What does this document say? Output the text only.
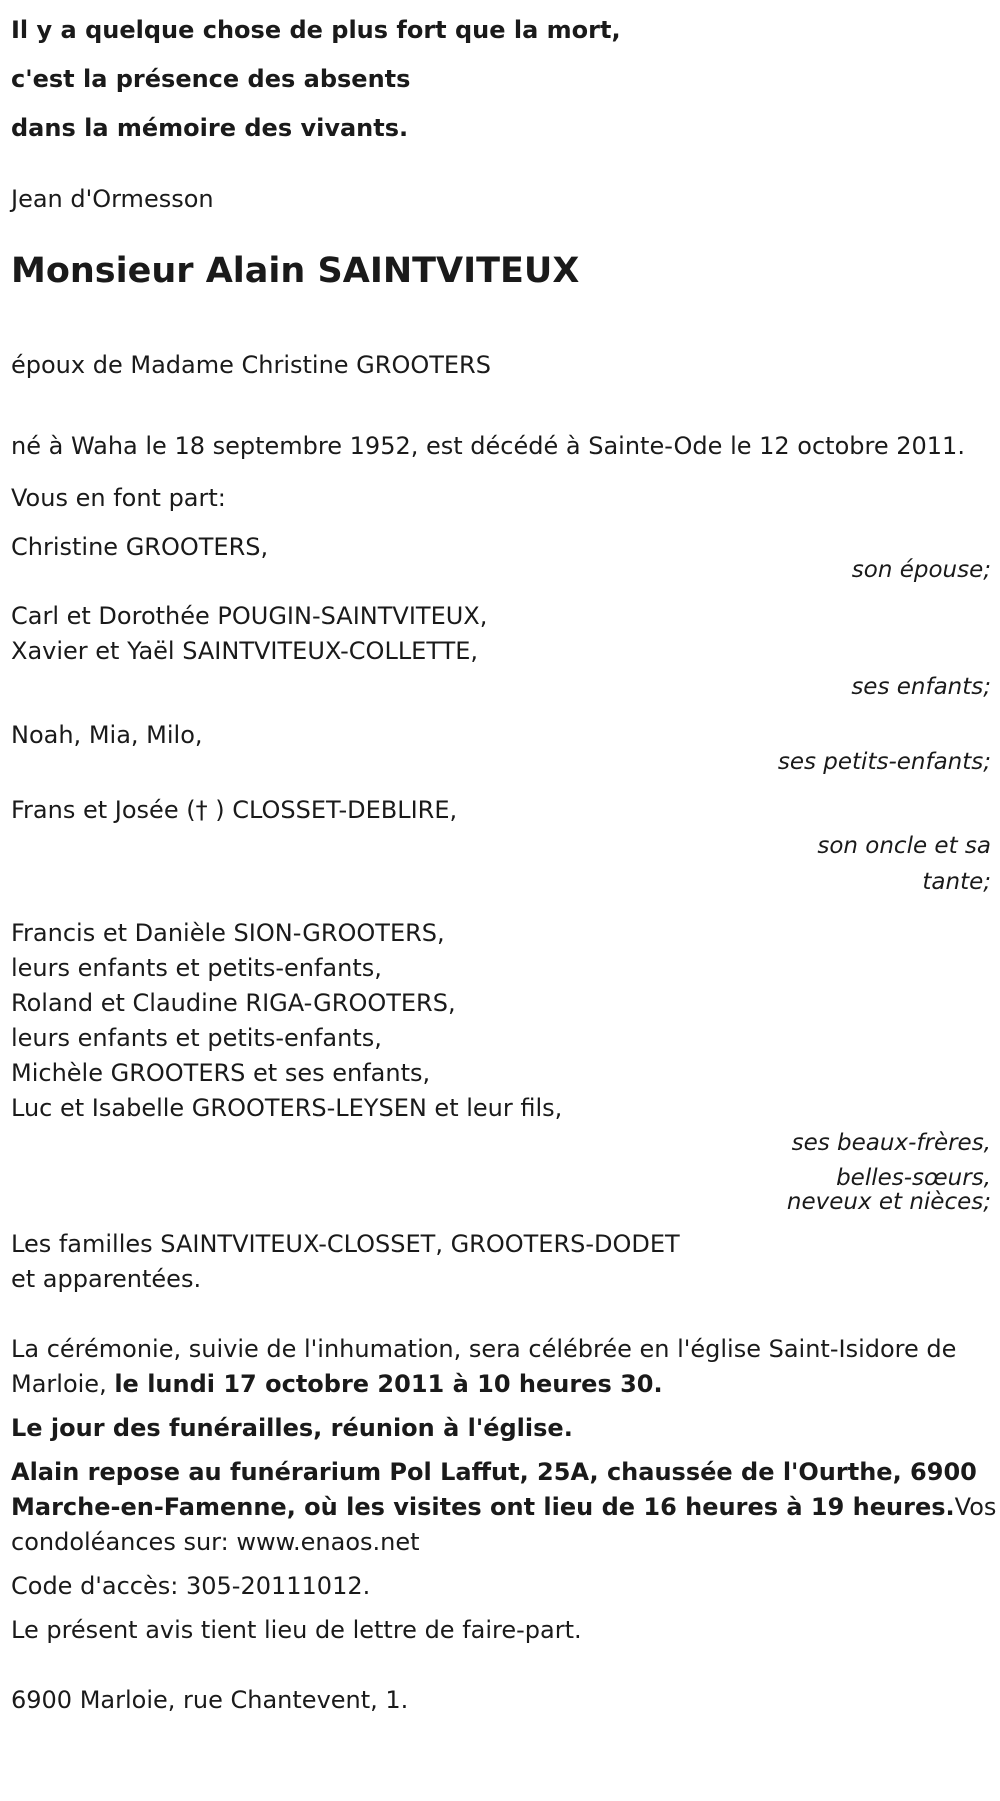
Il y a quelque chose de plus fort que la mort,

c'est la présence des absents

dans la mémoire des vivants.

Jean d'Ormesson

Monsieur Alain SAINTVITEUX

époux de Madame Christine GROOTERS

né à Waha le 18 septembre 1952, est décédé à Sainte-Ode le 12 octobre 2011.

Vous en font part:

Christine GROOTERS,

son épouse;

Carl et Dorothée POUGIN-SAINTVITEUX,

Xavier et Yaël SAINTVITEUX-COLLETTE,

ses enfants;

Noah, Mia, Milo,

ses petits-enfants;

Frans et Josée († ) CLOSSET-DEBLIRE,

son oncle et sa
tante;

Francis et Danièle SION-GROOTERS,

leurs enfants et petits-enfants,

Roland et Claudine RIGA-GROOTERS,

leurs enfants et petits-enfants,

Michèle GROOTERS et ses enfants,

Luc et Isabelle GROOTERS-LEYSEN et leur fils,

ses beaux-frères,
belles-sœurs,
neveux et nièces;

Les familles SAINTVITEUX-CLOSSET, GROOTERS-DODET

et apparentées.

La cérémonie, suivie de l'inhumation, sera célébrée en l'église Saint-Isidore de Marloie, le lundi 17 octobre 2011 à 10 heures 30.

Le jour des funérailles, réunion à l'église.

Alain repose au funérarium Pol Laffut, 25A, chaussée de l'Ourthe, 6900 Marche-en-Famenne, où les visites ont lieu de 16 heures à 19 heures.Vos condoléances sur: www.enaos.net

Code d'accès: 305-20111012.

Le présent avis tient lieu de lettre de faire-part.

6900 Marloie, rue Chantevent, 1.
